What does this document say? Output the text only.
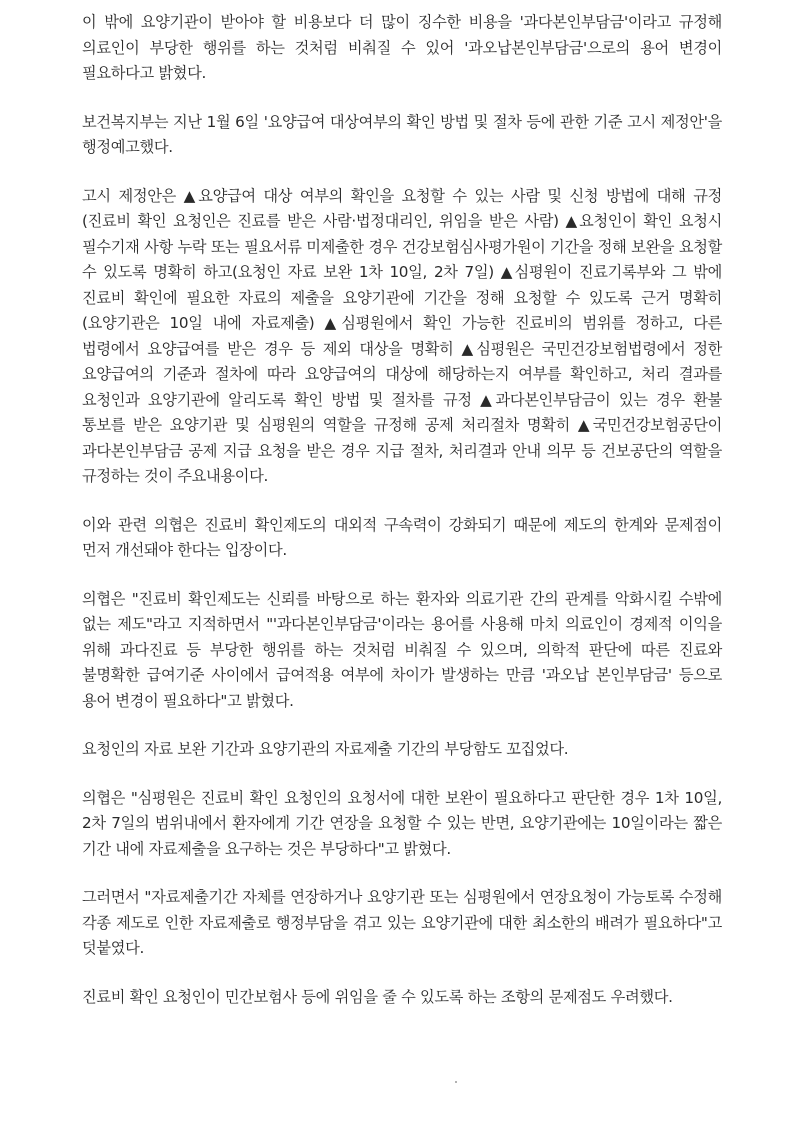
이 밖에 요양기관이 받아야 할 비용보다 더 많이 징수한 비용을 '과다본인부담금'이라고 규정해 의료인이 부당한 행위를 하는 것처럼 비춰질 수 있어 '과오납본인부담금'으로의 용어 변경이 필요하다고 밝혔다.

보건복지부는 지난 1월 6일 '요양급여 대상여부의 확인 방법 및 절차 등에 관한 기준 고시 제정안'을 행정예고했다.

고시 제정안은 ▲요양급여 대상 여부의 확인을 요청할 수 있는 사람 및 신청 방법에 대해 규정(진료비 확인 요청인은 진료를 받은 사람·법정대리인, 위임을 받은 사람) ▲요청인이 확인 요청시 필수기재 사항 누락 또는 필요서류 미제출한 경우 건강보험심사평가원이 기간을 정해 보완을 요청할 수 있도록 명확히 하고(요청인 자료 보완 1차 10일, 2차 7일) ▲심평원이 진료기록부와 그 밖에 진료비 확인에 필요한 자료의 제출을 요양기관에 기간을 정해 요청할 수 있도록 근거 명확히(요양기관은 10일 내에 자료제출) ▲심평원에서 확인 가능한 진료비의 범위를 정하고, 다른 법령에서 요양급여를 받은 경우 등 제외 대상을 명확히 ▲심평원은 국민건강보험법령에서 정한 요양급여의 기준과 절차에 따라 요양급여의 대상에 해당하는지 여부를 확인하고, 처리 결과를 요청인과 요양기관에 알리도록 확인 방법 및 절차를 규정 ▲과다본인부담금이 있는 경우 환불 통보를 받은 요양기관 및 심평원의 역할을 규정해 공제 처리절차 명확히 ▲국민건강보험공단이 과다본인부담금 공제 지급 요청을 받은 경우 지급 절차, 처리결과 안내 의무 등 건보공단의 역할을 규정하는 것이 주요내용이다.

이와 관련 의협은 진료비 확인제도의 대외적 구속력이 강화되기 때문에 제도의 한계와 문제점이 먼저 개선돼야 한다는 입장이다.

의협은 "진료비 확인제도는 신뢰를 바탕으로 하는 환자와 의료기관 간의 관계를 악화시킬 수밖에 없는 제도"라고 지적하면서 "'과다본인부담금'이라는 용어를 사용해 마치 의료인이 경제적 이익을 위해 과다진료 등 부당한 행위를 하는 것처럼 비춰질 수 있으며, 의학적 판단에 따른 진료와 불명확한 급여기준 사이에서 급여적용 여부에 차이가 발생하는 만큼 '과오납 본인부담금' 등으로 용어 변경이 필요하다"고 밝혔다.

요청인의 자료 보완 기간과 요양기관의 자료제출 기간의 부당함도 꼬집었다.

의협은 "심평원은 진료비 확인 요청인의 요청서에 대한 보완이 필요하다고 판단한 경우 1차 10일, 2차 7일의 범위내에서 환자에게 기간 연장을 요청할 수 있는 반면, 요양기관에는 10일이라는 짧은 기간 내에 자료제출을 요구하는 것은 부당하다"고 밝혔다.

그러면서 "자료제출기간 자체를 연장하거나 요양기관 또는 심평원에서 연장요청이 가능토록 수정해 각종 제도로 인한 자료제출로 행정부담을 겪고 있는 요양기관에 대한 최소한의 배려가 필요하다"고 덧붙였다.

진료비 확인 요청인이 민간보험사 등에 위임을 줄 수 있도록 하는 조항의 문제점도 우려했다.
